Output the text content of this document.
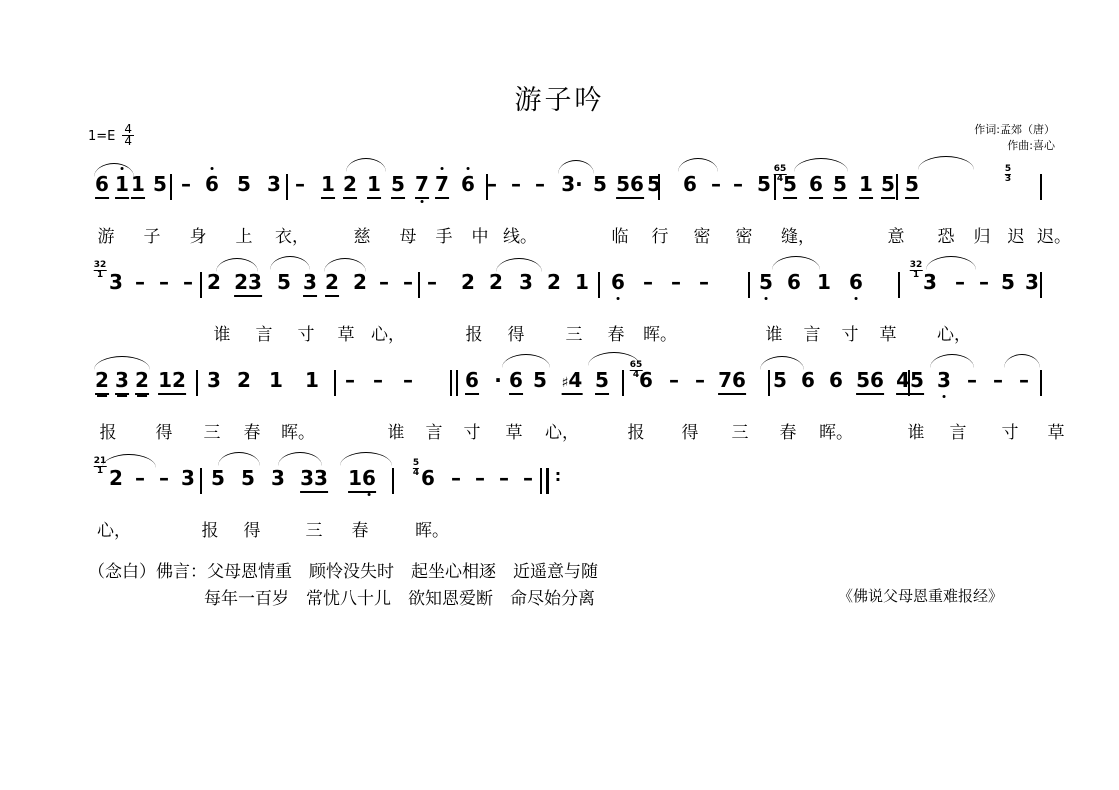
游子吟
作词:孟郊（唐）
作曲:喜心
$1=E \frac{4}{4}$
65
4
5
3
6 1 1 5 – 6 5 3 – 1 2 1 5 7 7 6 – – – 3· 5 56 5 6 – – 5 5 6 5 1 5 5
游 子 身 上 衣，	慈 母 手 中 线。	临 行 密 密 缝，	意 恐 归 迟 迟。
32
1
32
1
3 – – – 2 23 5 3 2 2 – – – 2 2 3 2 1 6 – – –	5 6 1 6	3 – – 5 3
谁 言 寸 草 心，	报 得 三 春 晖。	谁 言 寸 草 心，
65
4
2 3 2 12 3 2 1 1 – – –	6 · 6 5 ♯4 5 6 – – 76 5 6 6 56 45 3 – – –
报 得 三 春 晖。	谁 言 寸 草 心，	报 得 三 春 晖。	谁 言 寸 草
21
1
5
4
2 – – 3 5 5 3 33 16 6 – – – – :
心，	报 得	三 春	晖。
（念白）佛言：父母恩情重　顾怜没失时　起坐心相逐　近遥意与随
每年一百岁　常忧八十儿　欲知恩爱断　命尽始分离	《佛说父母恩重难报经》
